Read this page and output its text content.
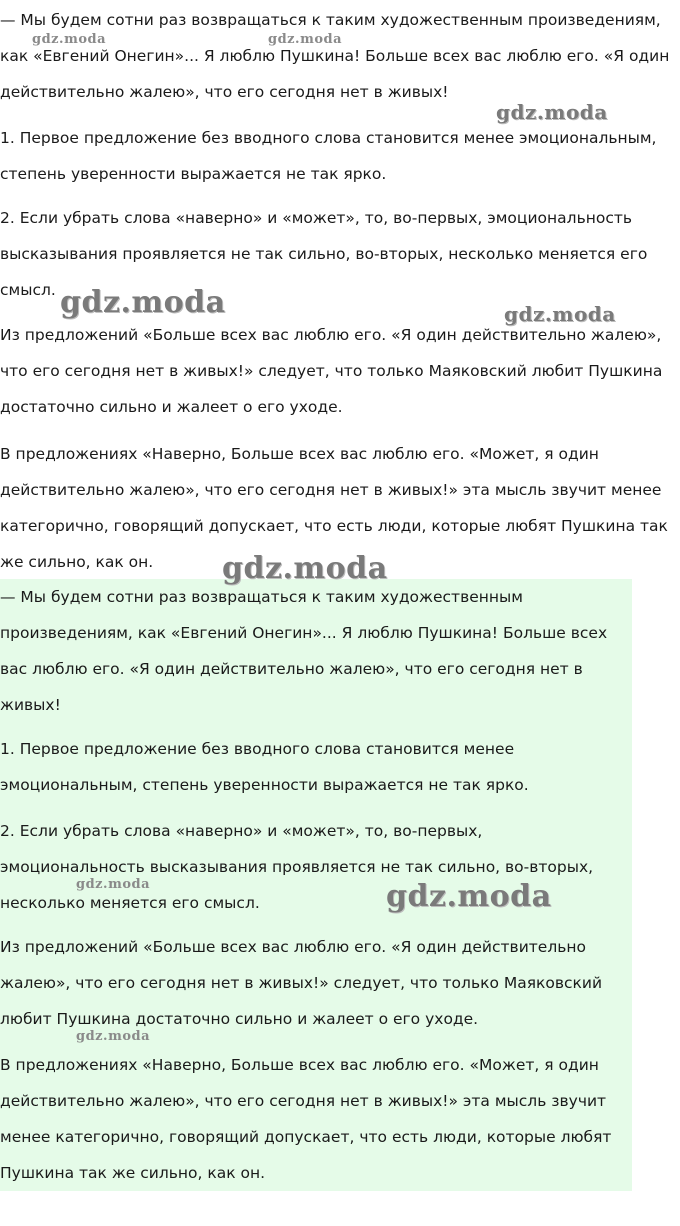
— Мы будем сотни раз возвращаться к таким художественным произведениям, как «Евгений Онегин»... Я люблю Пушкина! Больше всех вас люблю его. «Я один действительно жалею», что его сегодня нет в живых!

1. Первое предложение без вводного слова становится менее эмоциональным, степень уверенности выражается не так ярко.

2. Если убрать слова «наверно» и «может», то, во-первых, эмоциональность высказывания проявляется не так сильно, во-вторых, несколько меняется его смысл.

Из предложений «Больше всех вас люблю его. «Я один действительно жалею», что его сегодня нет в живых!» следует, что только Маяковский любит Пушкина достаточно сильно и жалеет о его уходе.

В предложениях «Наверно, Больше всех вас люблю его. «Может, я один действительно жалею», что его сегодня нет в живых!» эта мысль звучит менее категорично, говорящий допускает, что есть люди, которые любят Пушкина так же сильно, как он.

— Мы будем сотни раз возвращаться к таким художественным произведениям, как «Евгений Онегин»... Я люблю Пушкина! Больше всех вас люблю его. «Я один действительно жалею», что его сегодня нет в живых!

1. Первое предложение без вводного слова становится менее эмоциональным, степень уверенности выражается не так ярко.

2. Если убрать слова «наверно» и «может», то, во-первых, эмоциональность высказывания проявляется не так сильно, во-вторых, несколько меняется его смысл.

Из предложений «Больше всех вас люблю его. «Я один действительно жалею», что его сегодня нет в живых!» следует, что только Маяковский любит Пушкина достаточно сильно и жалеет о его уходе.

В предложениях «Наверно, Больше всех вас люблю его. «Может, я один действительно жалею», что его сегодня нет в живых!» эта мысль звучит менее категорично, говорящий допускает, что есть люди, которые любят Пушкина так же сильно, как он.

gdz.moda	gdz.moda
gdz.moda
gdz.moda	gdz.moda
gdz.moda
gdz.moda	gdz.moda
gdz.moda
